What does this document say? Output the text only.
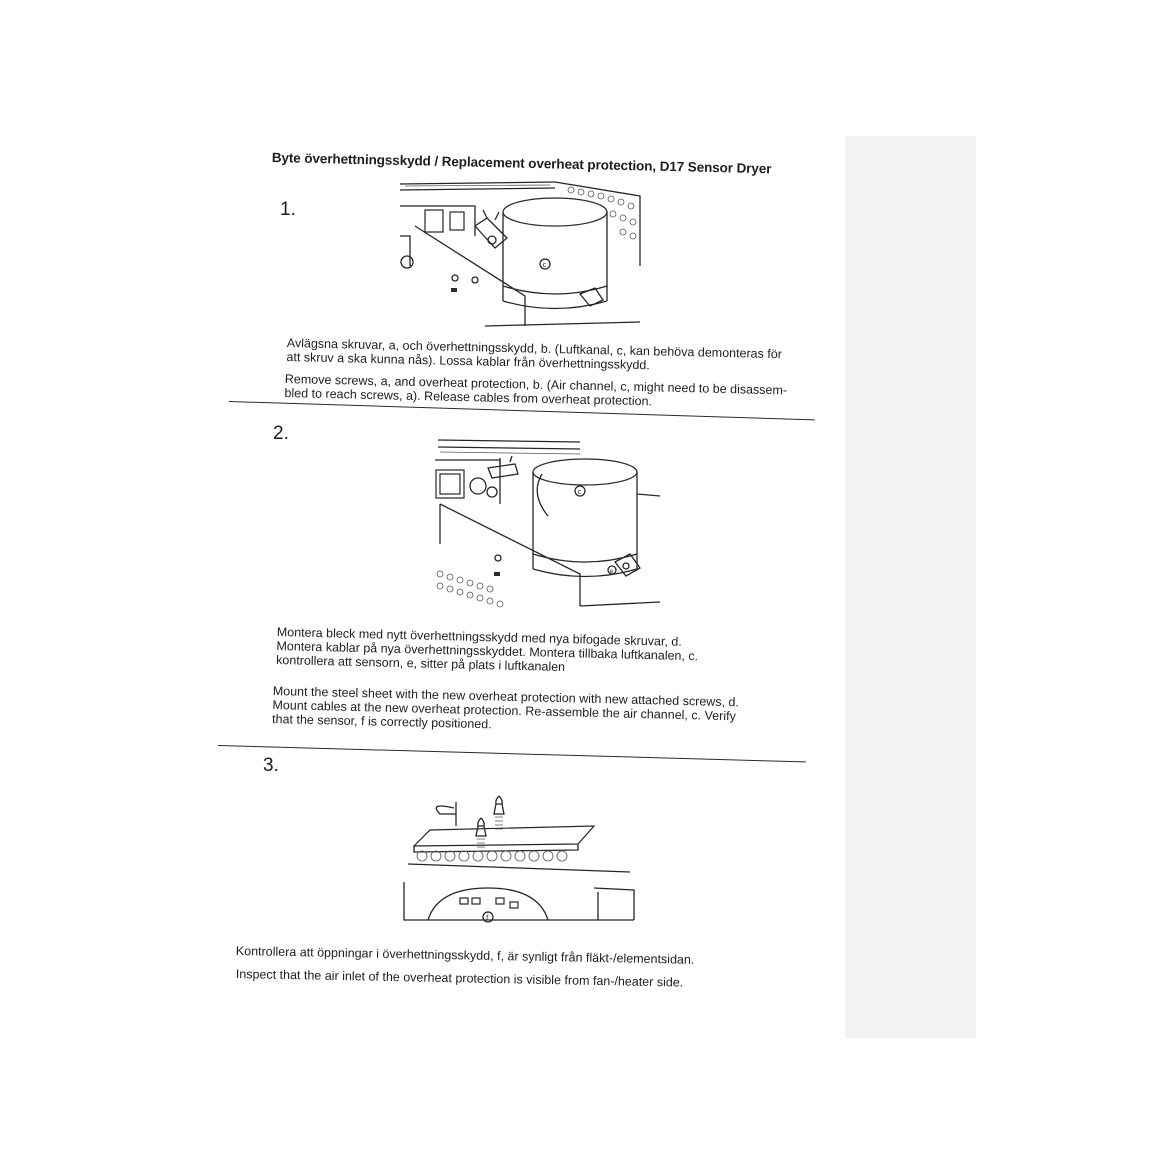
Byte överhettningsskydd / Replacement overheat protection, D17 Sensor Dryer
1.
c
Avlägsna skruvar, a, och överhettningsskydd, b. (Luftkanal, c, kan behöva demonteras för
att skruv a ska kunna nås). Lossa kablar från överhettningsskydd.
Remove screws, a, and overheat protection, b. (Air channel, c, might need to be disassem-
bled to reach screws, a). Release cables from overheat protection.
2.
c
e
Montera bleck med nytt överhettningsskydd med nya bifogade skruvar, d.
Montera kablar på nya överhettningsskyddet. Montera tillbaka luftkanalen, c.
kontrollera att sensorn, e, sitter på plats i luftkanalen
Mount the steel sheet with the new overheat protection with new attached screws, d.
Mount cables at the new overheat protection. Re-assemble the air channel, c. Verify
that the sensor, f is correctly positioned.
3.
f
Kontrollera att öppningar i överhettningsskydd, f, är synligt från fläkt-/elementsidan.
Inspect that the air inlet of the overheat protection is visible from fan-/heater side.
